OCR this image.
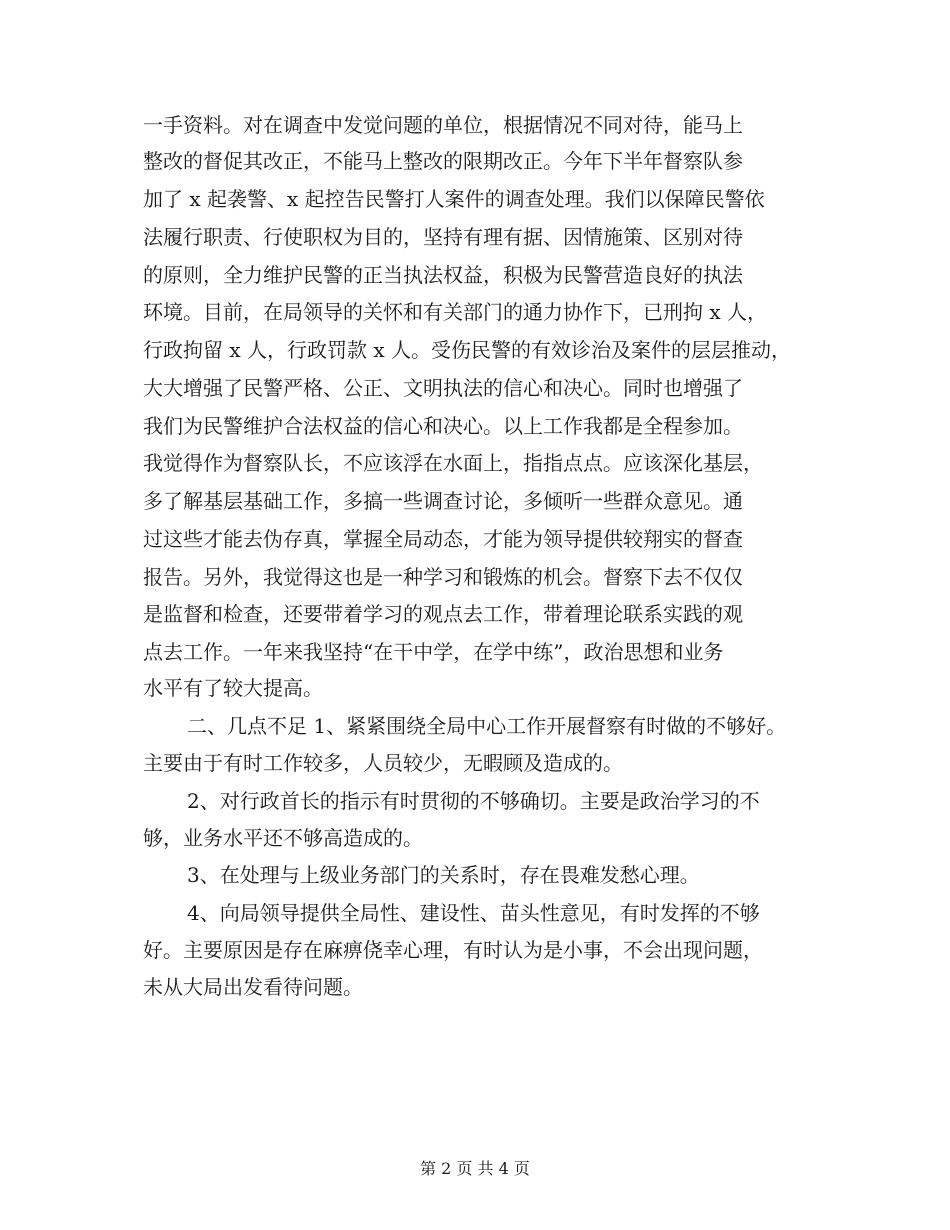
一手资料。对在调查中发觉问题的单位，根据情况不同对待，能马上
整改的督促其改正，不能马上整改的限期改正。今年下半年督察队参
加了 x 起袭警、x 起控告民警打人案件的调查处理。我们以保障民警依
法履行职责、行使职权为目的，坚持有理有据、因情施策、区别对待
的原则，全力维护民警的正当执法权益，积极为民警营造良好的执法
环境。目前，在局领导的关怀和有关部门的通力协作下，已刑拘 x 人，
行政拘留 x 人，行政罚款 x 人。受伤民警的有效诊治及案件的层层推动，
大大增强了民警严格、公正、文明执法的信心和决心。同时也增强了
我们为民警维护合法权益的信心和决心。以上工作我都是全程参加。
我觉得作为督察队长，不应该浮在水面上，指指点点。应该深化基层，
多了解基层基础工作，多搞一些调查讨论，多倾听一些群众意见。通
过这些才能去伪存真，掌握全局动态，才能为领导提供较翔实的督查
报告。另外，我觉得这也是一种学习和锻炼的机会。督察下去不仅仅
是监督和检查，还要带着学习的观点去工作，带着理论联系实践的观
点去工作。一年来我坚持“在干中学，在学中练”，政治思想和业务
水平有了较大提高。
二、几点不足 1、紧紧围绕全局中心工作开展督察有时做的不够好。
主要由于有时工作较多，人员较少，无暇顾及造成的。
2、对行政首长的指示有时贯彻的不够确切。主要是政治学习的不
够，业务水平还不够高造成的。
3、在处理与上级业务部门的关系时，存在畏难发愁心理。
4、向局领导提供全局性、建设性、苗头性意见，有时发挥的不够
好。主要原因是存在麻痹侥幸心理，有时认为是小事，不会出现问题，
未从大局出发看待问题。
第 2 页 共 4 页
